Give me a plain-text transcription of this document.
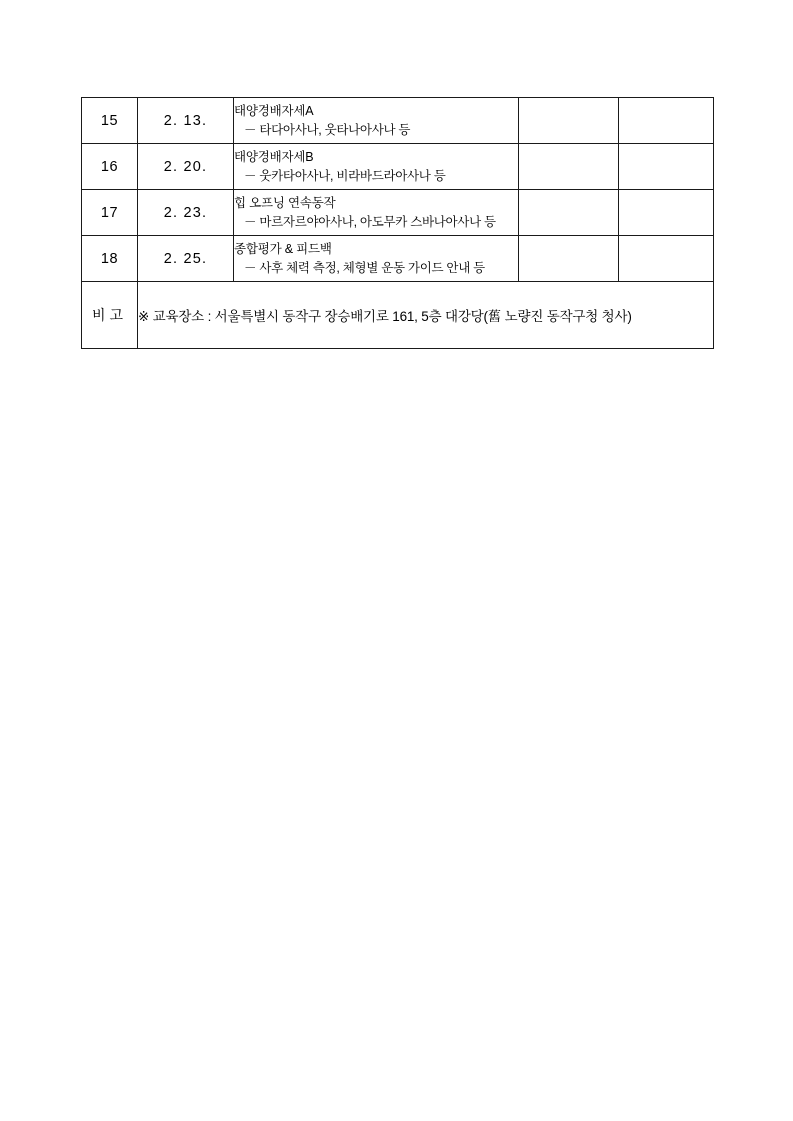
15	2. 13.	태양경배자세A
－ 타다아사나, 웃타나아사나 등		

16	2. 20.	태양경배자세B
－ 웃카타아사나, 비라바드라아사나 등		

17	2. 23.	힙 오프닝 연속동작
－ 마르자르야아사나, 아도무카 스바나아사나 등		

18	2. 25.	종합평가 & 피드백
－ 사후 체력 측정, 체형별 운동 가이드 안내 등		

비고	※ 교육장소 : 서울특별시 동작구 장승배기로 161, 5층 대강당(舊 노량진 동작구청 청사)			
